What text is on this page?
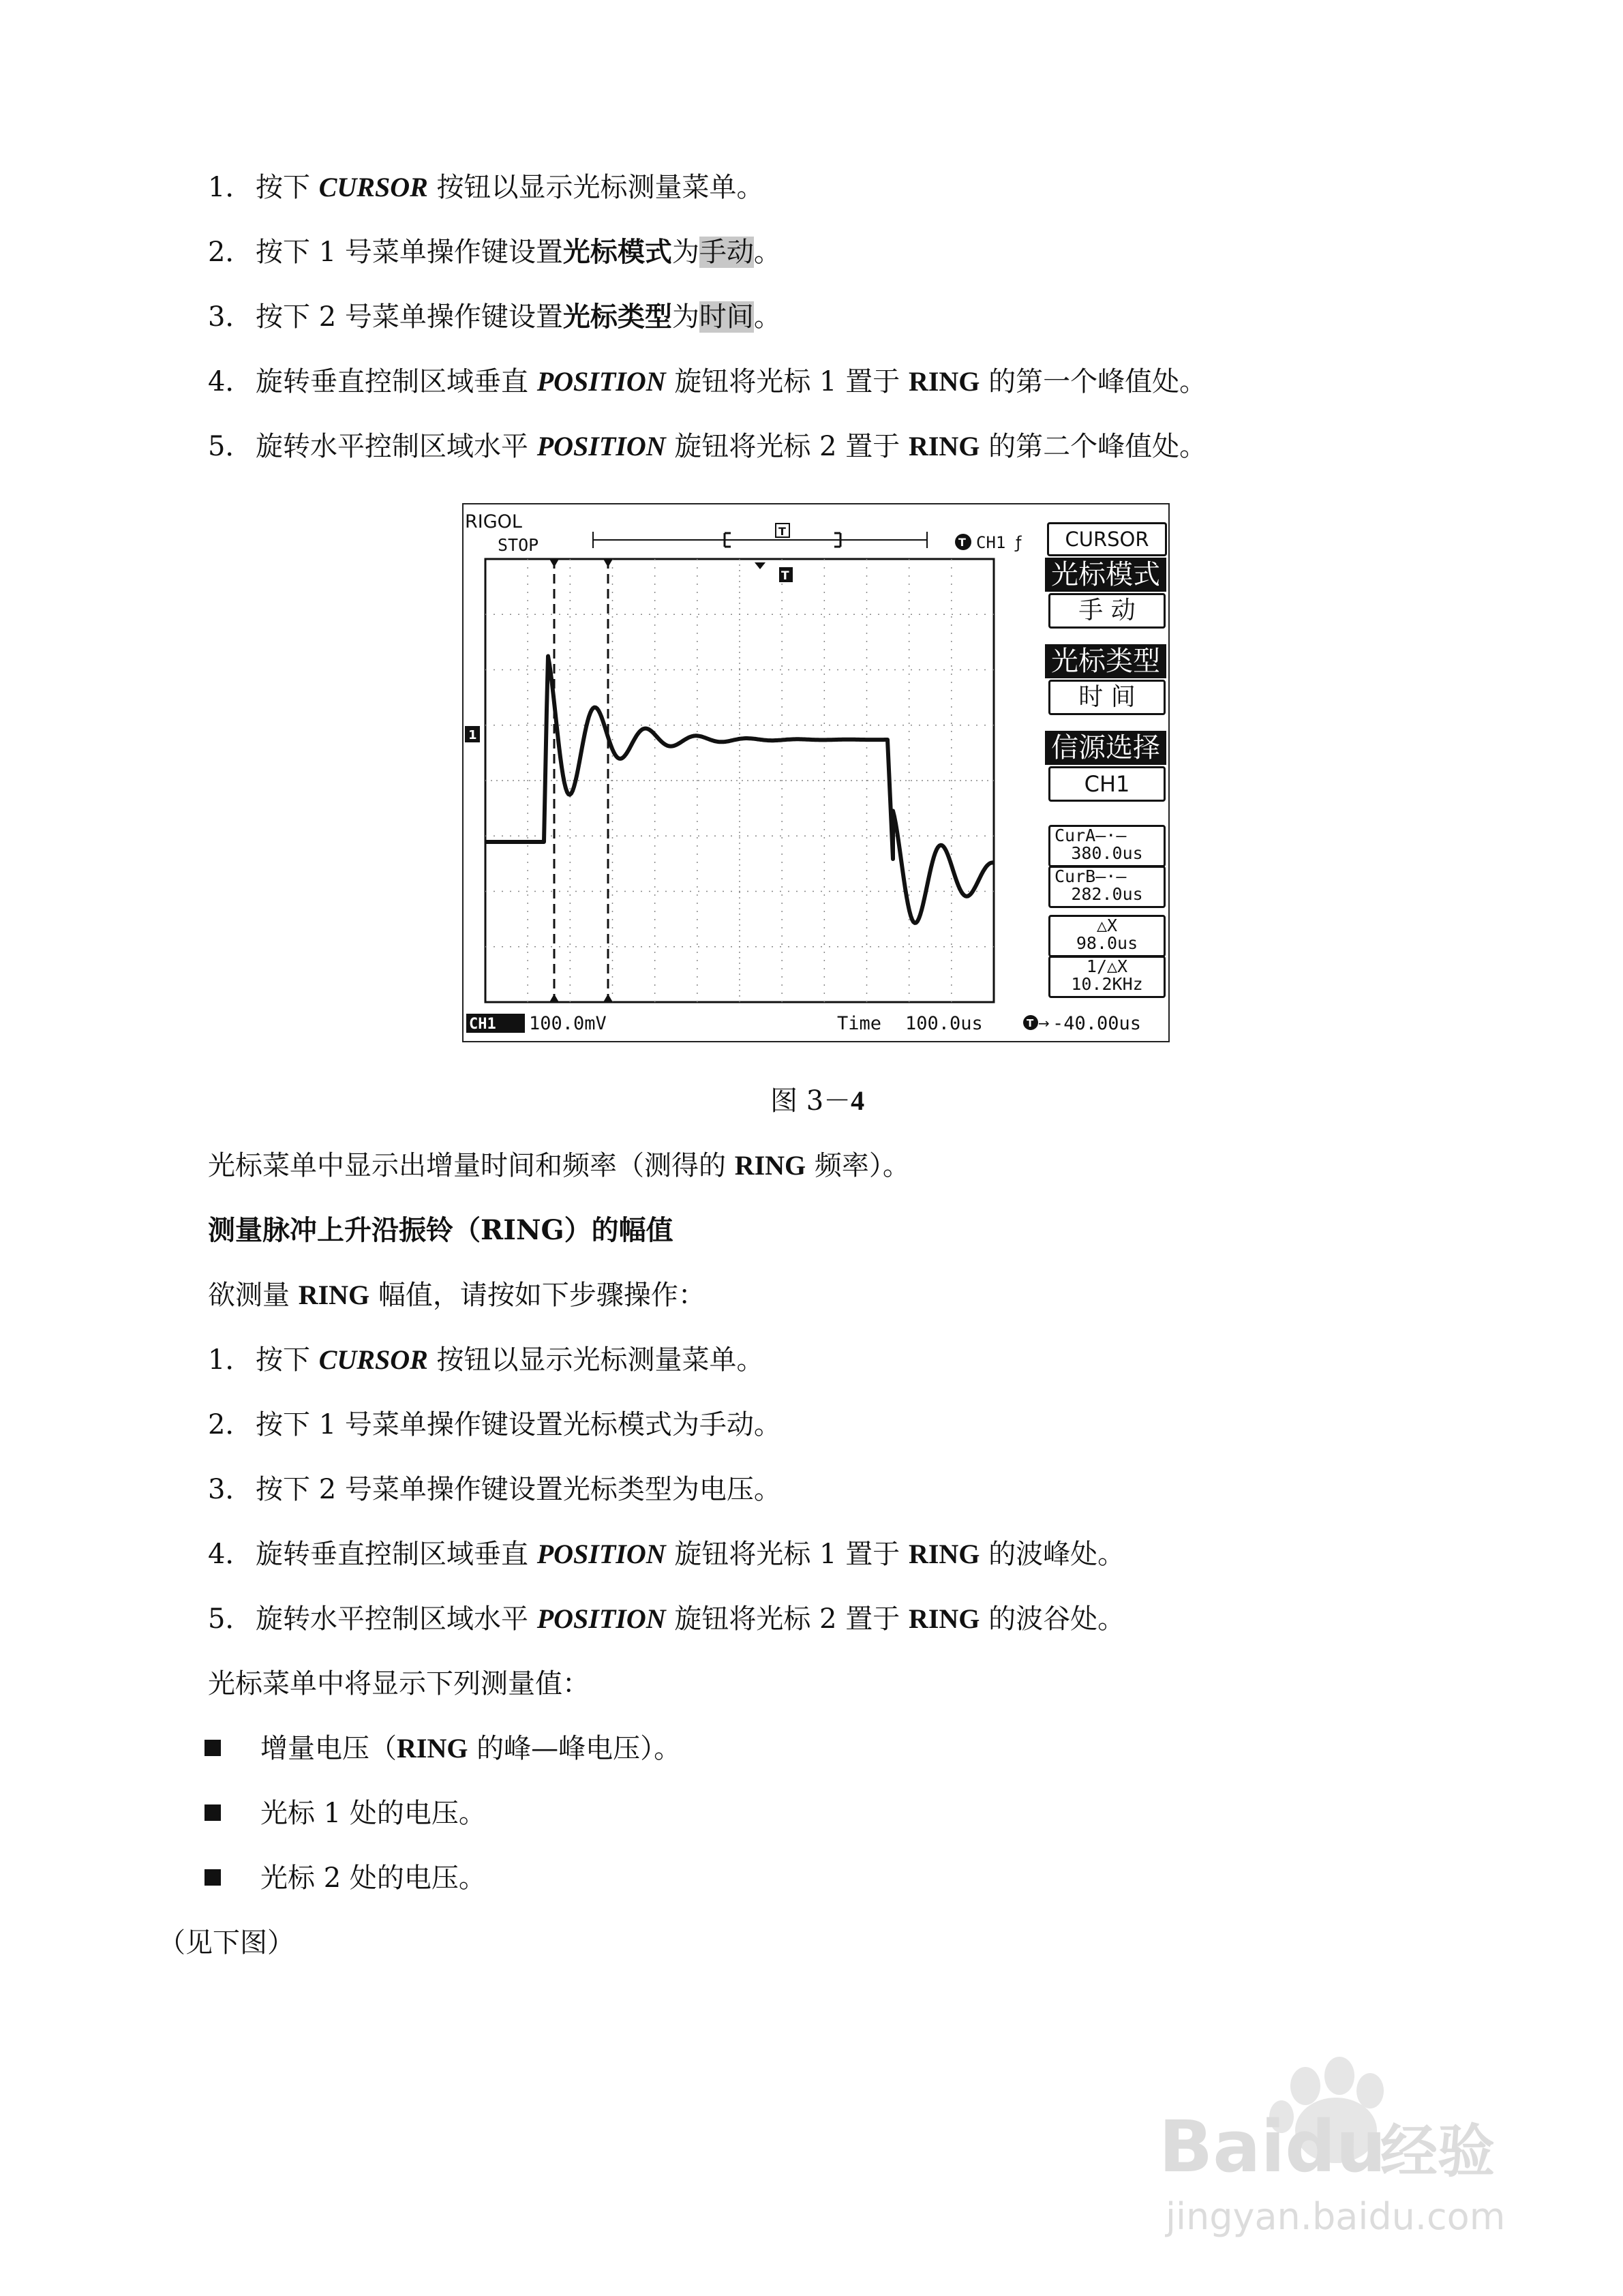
1． 按下 CURSOR 按钮以显示光标测量菜单。
2． 按下 1 号菜单操作键设置光标模式为手动。
3． 按下 2 号菜单操作键设置光标类型为时间。
4． 旋转垂直控制区域垂直 POSITION 旋钮将光标 1 置于 RING 的第一个峰值处。
5． 旋转水平控制区域水平 POSITION 旋钮将光标 2 置于 RING 的第二个峰值处。
RIGOL
STOP
T
T CH1 ƒ
T
1
CH1 100.0mV	Time 100.0us	T → -40.00us
CURSOR
光标模式
手 动
光标类型
时 间
信源选择
CH1
CurA—·—
380.0us
CurB—·—
282.0us
△X
98.0us
1/△X
10.2KHz
图 3－4
光标菜单中显示出增量时间和频率（测得的 RING 频率）。
测量脉冲上升沿振铃（RING）的幅值
欲测量 RING 幅值，请按如下步骤操作：
1． 按下 CURSOR 按钮以显示光标测量菜单。
2． 按下 1 号菜单操作键设置光标模式为手动。
3． 按下 2 号菜单操作键设置光标类型为电压。
4． 旋转垂直控制区域垂直 POSITION 旋钮将光标 1 置于 RING 的波峰处。
5． 旋转水平控制区域水平 POSITION 旋钮将光标 2 置于 RING 的波谷处。
光标菜单中将显示下列测量值：
增量电压（RING 的峰—峰电压）。
光标 1 处的电压。
光标 2 处的电压。
（见下图）
Baidu
经验
jingyan.baidu.com
